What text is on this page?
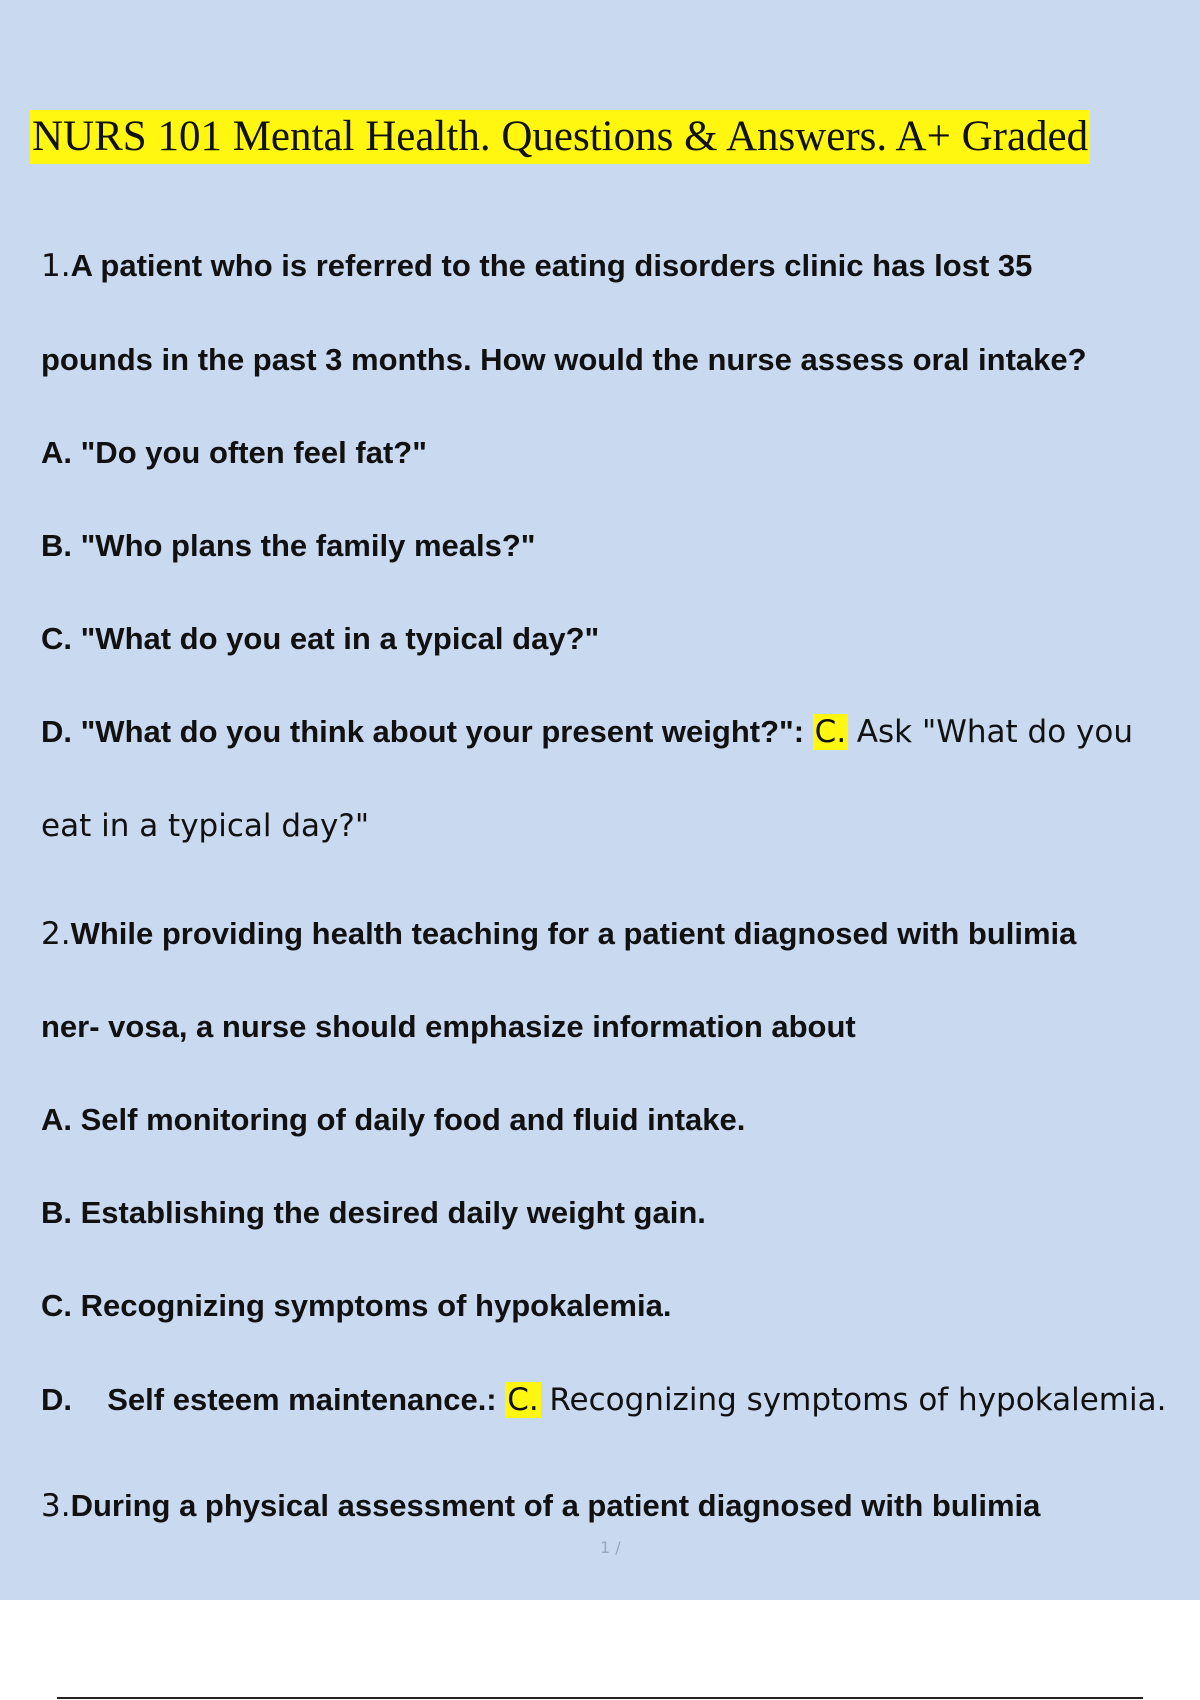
NURS 101 Mental Health. Questions & Answers. A+ Graded
1.A patient who is referred to the eating disorders clinic has lost 35
pounds in the past 3 months. How would the nurse assess oral intake?
A. "Do you often feel fat?"
B. "Who plans the family meals?"
C. "What do you eat in a typical day?"
D. "What do you think about your present weight?": C. Ask "What do you
eat in a typical day?"
2.While providing health teaching for a patient diagnosed with bulimia
ner- vosa, a nurse should emphasize information about
A. Self monitoring of daily food and fluid intake.
B. Establishing the desired daily weight gain.
C. Recognizing symptoms of hypokalemia.
D. Self esteem maintenance.: C. Recognizing symptoms of hypokalemia.
3.During a physical assessment of a patient diagnosed with bulimia
1 /
